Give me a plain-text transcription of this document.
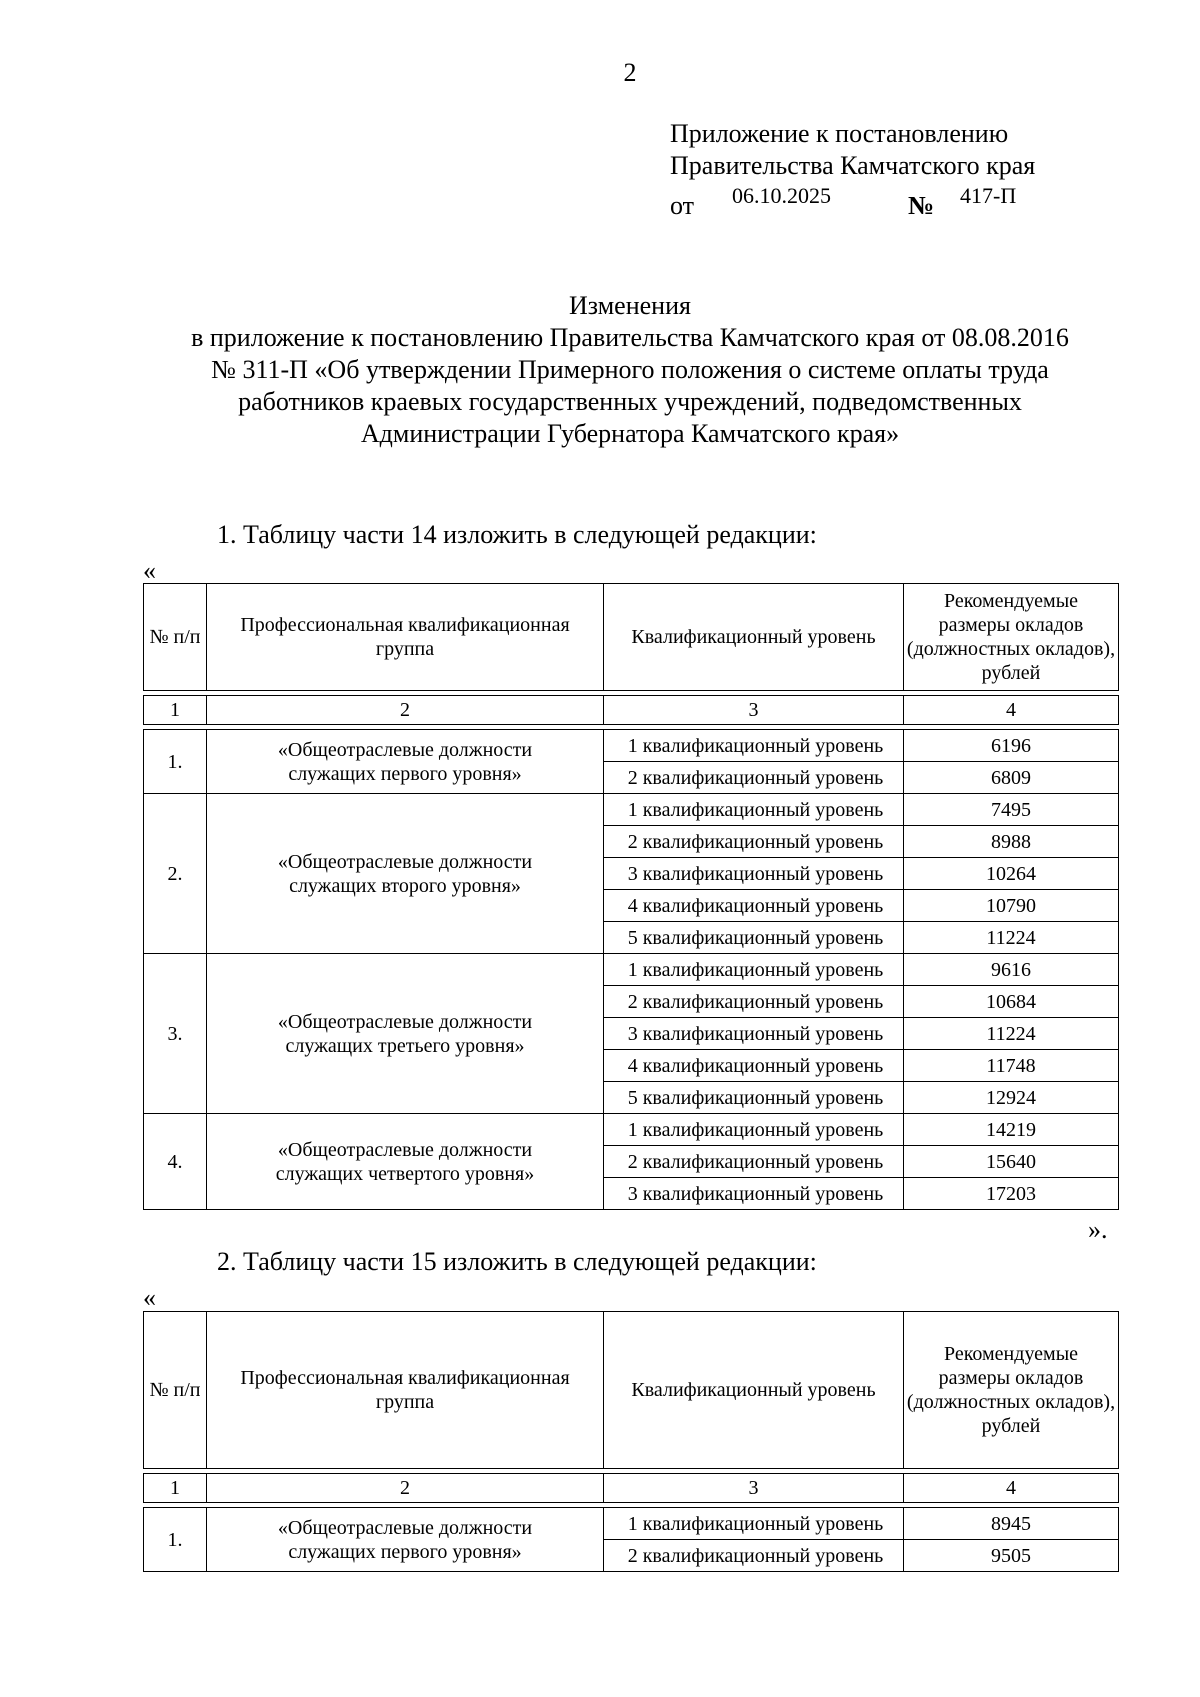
2
Приложение к постановлению
Правительства Камчатского края
от 06.10.2025	№ 417-П
Изменения
в приложение к постановлению Правительства Камчатского края от 08.08.2016
№ 311-П «Об утверждении Примерного положения о системе оплаты труда
работников краевых государственных учреждений, подведомственных
Администрации Губернатора Камчатского края»
1. Таблицу части 14 изложить в следующей редакции:
«
№ п/п	Профессиональная квалификационная группа	Квалификационный уровень	Рекомендуемые размеры окладов (должностных окладов), рублей

1	2	3	4

1.	«Общеотраслевые должности служащих первого уровня»	1 квалификационный уровень	6196
		2 квалификационный уровень	6809
2.	«Общеотраслевые должности служащих второго уровня»	1 квалификационный уровень	7495
		2 квалификационный уровень	8988
		3 квалификационный уровень	10264
		4 квалификационный уровень	10790
		5 квалификационный уровень	11224
3.	«Общеотраслевые должности служащих третьего уровня»	1 квалификационный уровень	9616
		2 квалификационный уровень	10684
		3 квалификационный уровень	11224
		4 квалификационный уровень	11748
		5 квалификационный уровень	12924
4.	«Общеотраслевые должности служащих четвертого уровня»	1 квалификационный уровень	14219
		2 квалификационный уровень	15640
		3 квалификационный уровень	17203
».
2. Таблицу части 15 изложить в следующей редакции:
«
№ п/п	Профессиональная квалификационная группа	Квалификационный уровень	Рекомендуемые размеры окладов (должностных окладов), рублей

1	2	3	4

1.	«Общеотраслевые должности служащих первого уровня»	1 квалификационный уровень	8945
		2 квалификационный уровень	9505
